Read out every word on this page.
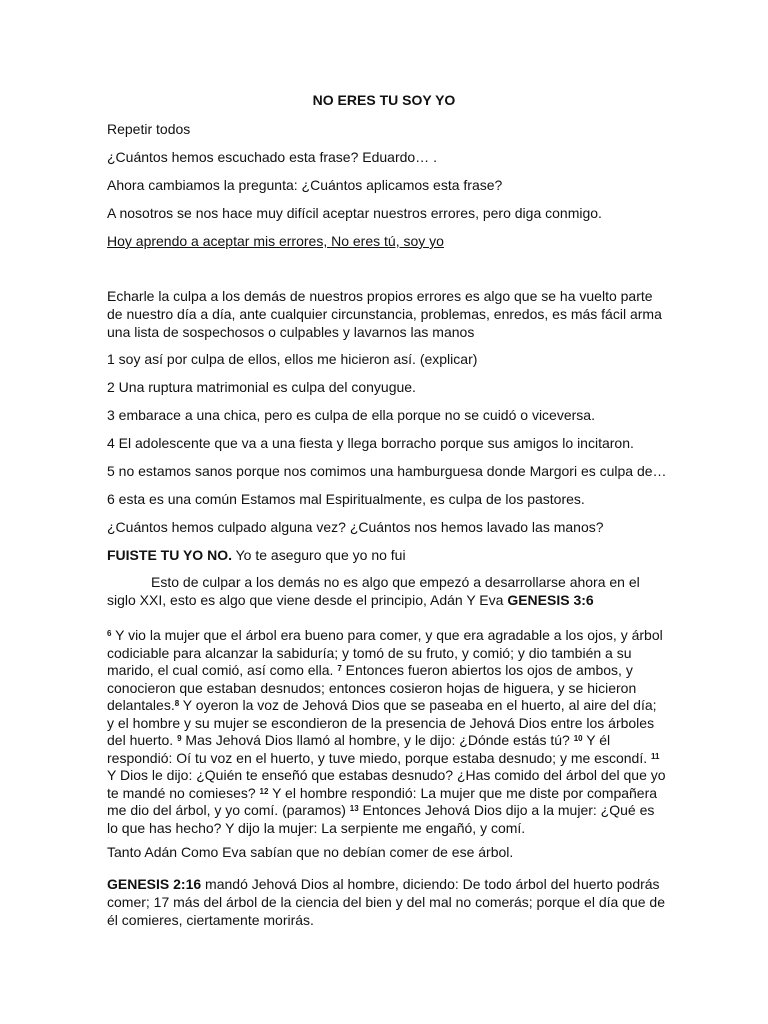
NO ERES TU SOY YO
Repetir todos
¿Cuántos hemos escuchado esta frase? Eduardo… .
Ahora cambiamos la pregunta: ¿Cuántos aplicamos esta frase?
A nosotros se nos hace muy difícil aceptar nuestros errores, pero diga conmigo.
Hoy aprendo a aceptar mis errores, No eres tú, soy yo
Echarle la culpa a los demás de nuestros propios errores es algo que se ha vuelto parte de nuestro día a día, ante cualquier circunstancia, problemas, enredos, es más fácil arma una lista de sospechosos o culpables y lavarnos las manos
1 soy así por culpa de ellos, ellos me hicieron así. (explicar)
2 Una ruptura matrimonial es culpa del conyugue.
3 embarace a una chica, pero es culpa de ella porque no se cuidó o viceversa.
4 El adolescente que va a una fiesta y llega borracho porque sus amigos lo incitaron.
5 no estamos sanos porque nos comimos una hamburguesa donde Margori es culpa de…
6 esta es una común Estamos mal Espiritualmente, es culpa de los pastores.
¿Cuántos hemos culpado alguna vez? ¿Cuántos nos hemos lavado las manos?
FUISTE TU YO NO. Yo te aseguro que yo no fui
Esto de culpar a los demás no es algo que empezó a desarrollarse ahora en el siglo XXI, esto es algo que viene desde el principio, Adán Y Eva GENESIS 3:6
$^6$ Y vio la mujer que el árbol era bueno para comer, y que era agradable a los ojos, y árbol codiciable para alcanzar la sabiduría; y tomó de su fruto, y comió; y dio también a su marido, el cual comió, así como ella. $^7$ Entonces fueron abiertos los ojos de ambos, y conocieron que estaban desnudos; entonces cosieron hojas de higuera, y se hicieron delantales.$^8$ Y oyeron la voz de Jehová Dios que se paseaba en el huerto, al aire del día; y el hombre y su mujer se escondieron de la presencia de Jehová Dios entre los árboles del huerto. $^9$ Mas Jehová Dios llamó al hombre, y le dijo: ¿Dónde estás tú? $^{10}$ Y él respondió: Oí tu voz en el huerto, y tuve miedo, porque estaba desnudo; y me escondí. $^{11}$ Y Dios le dijo: ¿Quién te enseñó que estabas desnudo? ¿Has comido del árbol del que yo te mandé no comieses? $^{12}$ Y el hombre respondió: La mujer que me diste por compañera me dio del árbol, y yo comí. (paramos) $^{13}$ Entonces Jehová Dios dijo a la mujer: ¿Qué es lo que has hecho? Y dijo la mujer: La serpiente me engañó, y comí.
Tanto Adán Como Eva sabían que no debían comer de ese árbol.
GENESIS 2:16 mandó Jehová Dios al hombre, diciendo: De todo árbol del huerto podrás comer; 17 más del árbol de la ciencia del bien y del mal no comerás; porque el día que de él comieres, ciertamente morirás.
